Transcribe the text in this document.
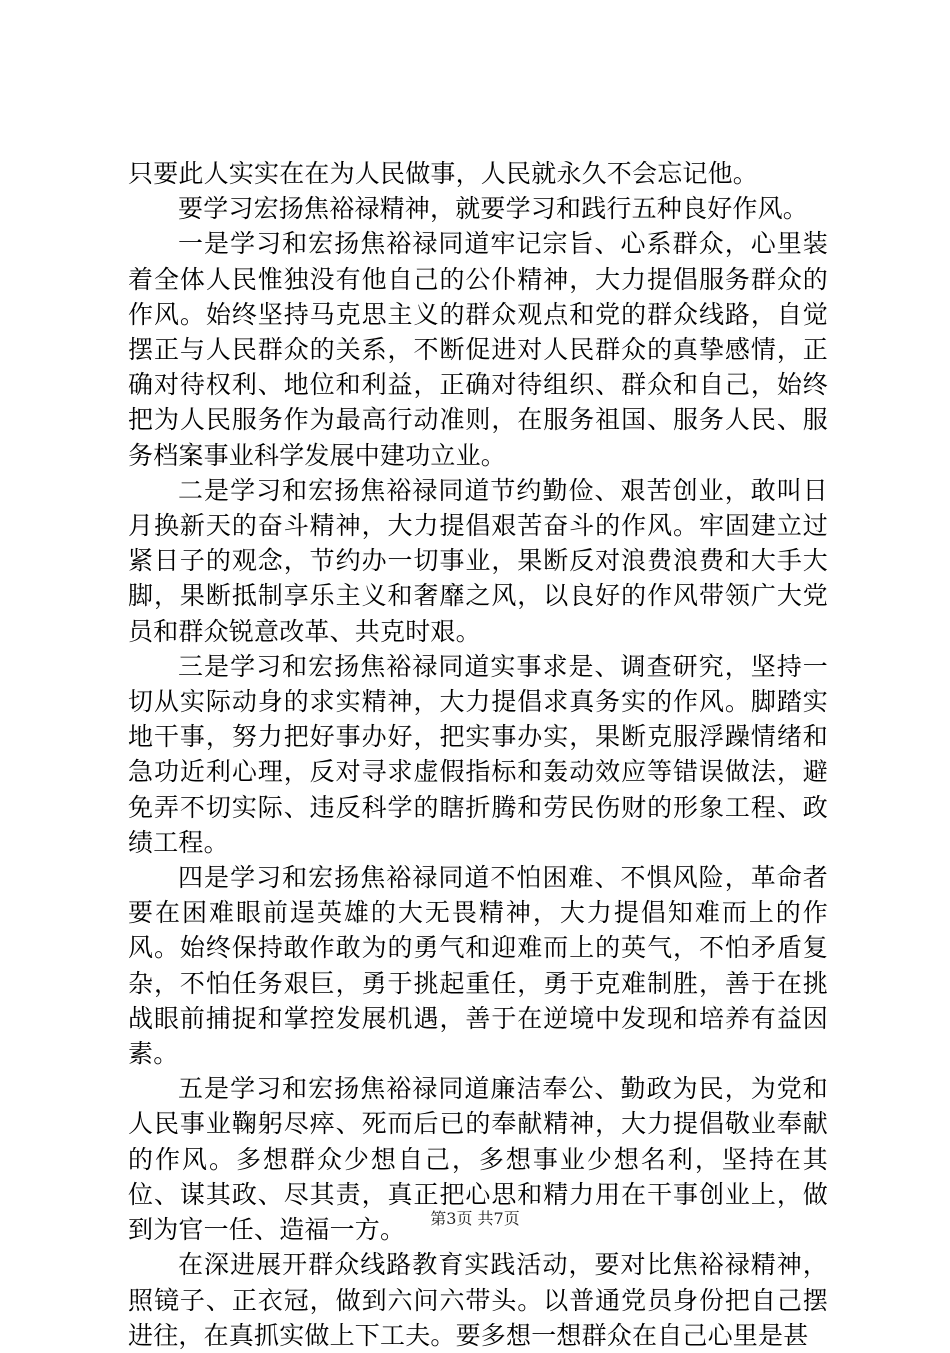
只要此人实实在在为人民做事，人民就永久不会忘记他。

要学习宏扬焦裕禄精神，就要学习和践行五种良好作风。

一是学习和宏扬焦裕禄同道牢记宗旨、心系群众，心里装着全体人民惟独没有他自己的公仆精神，大力提倡服务群众的作风。始终坚持马克思主义的群众观点和党的群众线路，自觉摆正与人民群众的关系，不断促进对人民群众的真挚感情，正确对待权利、地位和利益，正确对待组织、群众和自己，始终把为人民服务作为最高行动准则，在服务祖国、服务人民、服务档案事业科学发展中建功立业。

二是学习和宏扬焦裕禄同道节约勤俭、艰苦创业，敢叫日月换新天的奋斗精神，大力提倡艰苦奋斗的作风。牢固建立过紧日子的观念，节约办一切事业，果断反对浪费浪费和大手大脚，果断抵制享乐主义和奢靡之风，以良好的作风带领广大党员和群众锐意改革、共克时艰。

三是学习和宏扬焦裕禄同道实事求是、调查研究，坚持一切从实际动身的求实精神，大力提倡求真务实的作风。脚踏实地干事，努力把好事办好，把实事办实，果断克服浮躁情绪和急功近利心理，反对寻求虚假指标和轰动效应等错误做法，避免弄不切实际、违反科学的瞎折腾和劳民伤财的形象工程、政绩工程。

四是学习和宏扬焦裕禄同道不怕困难、不惧风险，革命者要在困难眼前逞英雄的大无畏精神，大力提倡知难而上的作风。始终保持敢作敢为的勇气和迎难而上的英气，不怕矛盾复杂，不怕任务艰巨，勇于挑起重任，勇于克难制胜，善于在挑战眼前捕捉和掌控发展机遇，善于在逆境中发现和培养有益因素。

五是学习和宏扬焦裕禄同道廉洁奉公、勤政为民，为党和人民事业鞠躬尽瘁、死而后已的奉献精神，大力提倡敬业奉献的作风。多想群众少想自己，多想事业少想名利，坚持在其位、谋其政、尽其责，真正把心思和精力用在干事创业上，做到为官一任、造福一方。

在深进展开群众线路教育实践活动，要对比焦裕禄精神，照镜子、正衣冠，做到六问六带头。以普通党员身份把自己摆进往，在真抓实做上下工夫。要多想一想群众在自己心里是甚

第3页 共7页
